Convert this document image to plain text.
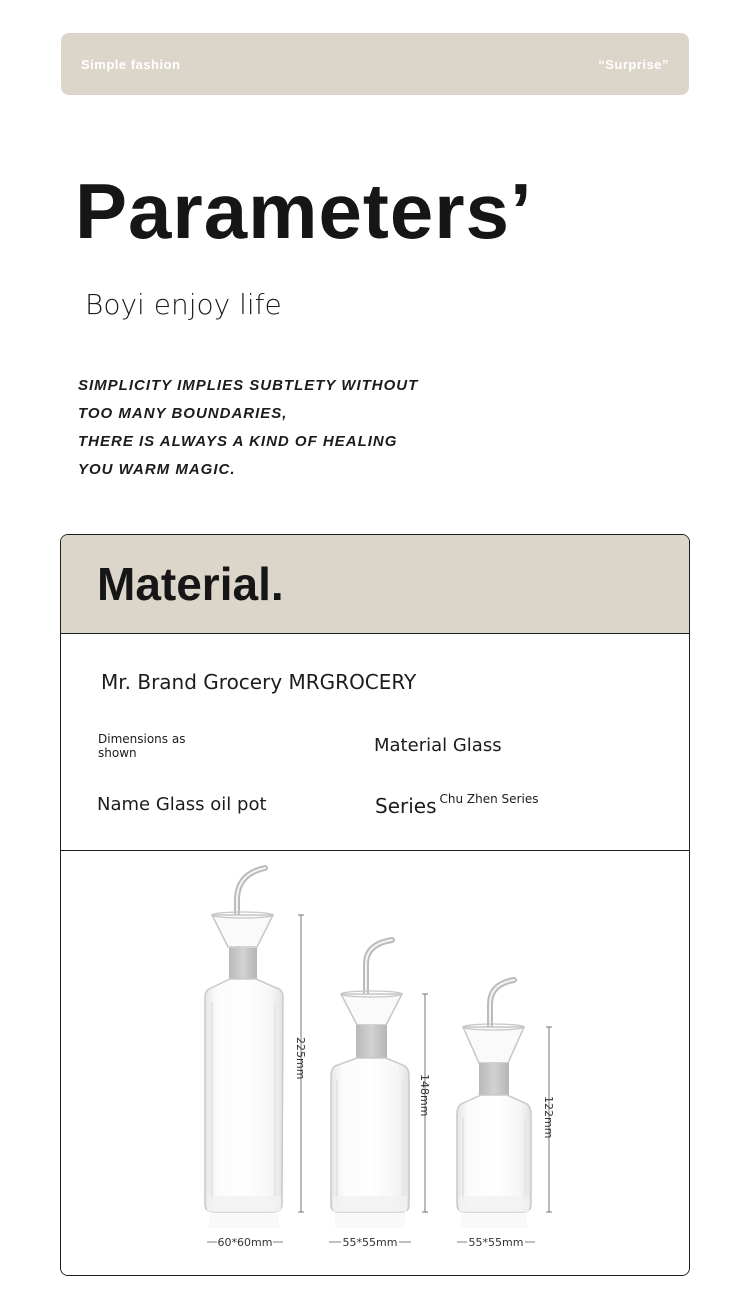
Simple fashion	“Surprise”
Parameters’
Boyi enjoy life
SIMPLICITY IMPLIES SUBTLETY WITHOUT
TOO MANY BOUNDARIES,
THERE IS ALWAYS A KIND OF HEALING
YOU WARM MAGIC.
Material.
Mr. Brand Grocery MRGROCERY
Dimensions as
shown	Material Glass
Name Glass oil pot	Series $^{Chu Zhen Series}$
225mm
148mm
122mm
60*60mm	55*55mm	55*55mm
